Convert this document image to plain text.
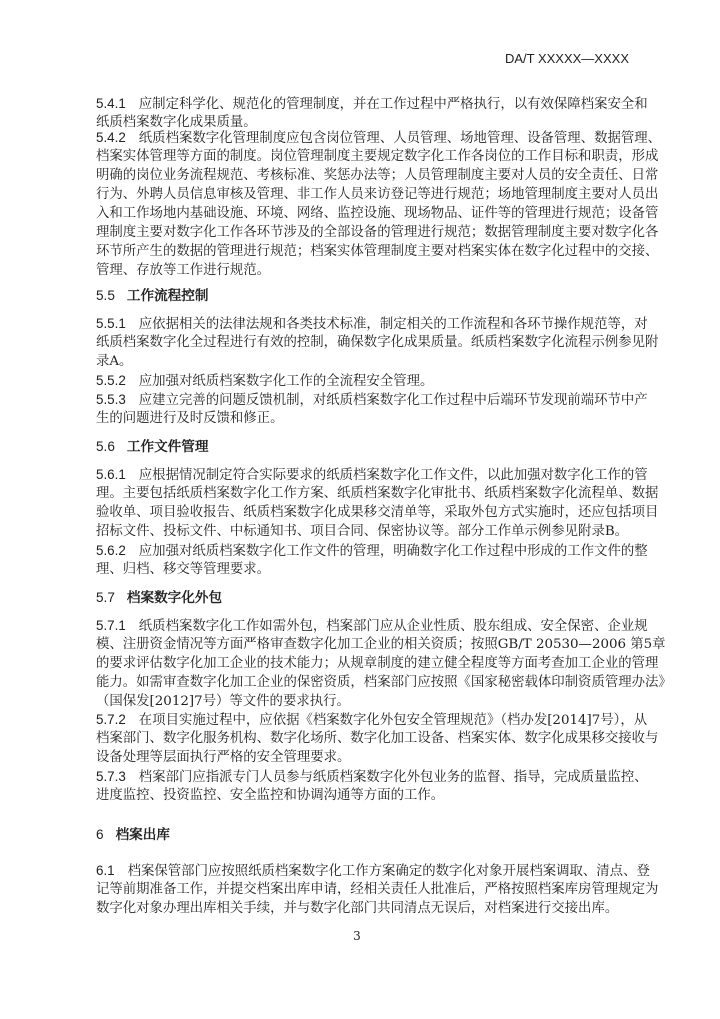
DA/T XXXXX—XXXX
5.4.1 应制定科学化、规范化的管理制度，并在工作过程中严格执行，以有效保障档案安全和
纸质档案数字化成果质量。
5.4.2 纸质档案数字化管理制度应包含岗位管理、人员管理、场地管理、设备管理、数据管理、
档案实体管理等方面的制度。岗位管理制度主要规定数字化工作各岗位的工作目标和职责，形成
明确的岗位业务流程规范、考核标准、奖惩办法等；人员管理制度主要对人员的安全责任、日常
行为、外聘人员信息审核及管理、非工作人员来访登记等进行规范；场地管理制度主要对人员出
入和工作场地内基础设施、环境、网络、监控设施、现场物品、证件等的管理进行规范；设备管
理制度主要对数字化工作各环节涉及的全部设备的管理进行规范；数据管理制度主要对数字化各
环节所产生的数据的管理进行规范；档案实体管理制度主要对档案实体在数字化过程中的交接、
管理、存放等工作进行规范。
5.5 工作流程控制
5.5.1 应依据相关的法律法规和各类技术标准，制定相关的工作流程和各环节操作规范等，对
纸质档案数字化全过程进行有效的控制，确保数字化成果质量。纸质档案数字化流程示例参见附
录A。
5.5.2 应加强对纸质档案数字化工作的全流程安全管理。
5.5.3 应建立完善的问题反馈机制，对纸质档案数字化工作过程中后端环节发现前端环节中产
生的问题进行及时反馈和修正。
5.6 工作文件管理
5.6.1 应根据情况制定符合实际要求的纸质档案数字化工作文件，以此加强对数字化工作的管
理。主要包括纸质档案数字化工作方案、纸质档案数字化审批书、纸质档案数字化流程单、数据
验收单、项目验收报告、纸质档案数字化成果移交清单等，采取外包方式实施时，还应包括项目
招标文件、投标文件、中标通知书、项目合同、保密协议等。部分工作单示例参见附录B。
5.6.2 应加强对纸质档案数字化工作文件的管理，明确数字化工作过程中形成的工作文件的整
理、归档、移交等管理要求。
5.7 档案数字化外包
5.7.1 纸质档案数字化工作如需外包，档案部门应从企业性质、股东组成、安全保密、企业规
模、注册资金情况等方面严格审查数字化加工企业的相关资质；按照GB/T 20530—2006 第5章
的要求评估数字化加工企业的技术能力；从规章制度的建立健全程度等方面考查加工企业的管理
能力。如需审查数字化加工企业的保密资质，档案部门应按照《国家秘密载体印制资质管理办法》
（国保发[2012]7号）等文件的要求执行。
5.7.2 在项目实施过程中，应依据《档案数字化外包安全管理规范》（档办发[2014]7号），从
档案部门、数字化服务机构、数字化场所、数字化加工设备、档案实体、数字化成果移交接收与
设备处理等层面执行严格的安全管理要求。
5.7.3 档案部门应指派专门人员参与纸质档案数字化外包业务的监督、指导，完成质量监控、
进度监控、投资监控、安全监控和协调沟通等方面的工作。
6 档案出库
6.1 档案保管部门应按照纸质档案数字化工作方案确定的数字化对象开展档案调取、清点、登
记等前期准备工作，并提交档案出库申请，经相关责任人批准后，严格按照档案库房管理规定为
数字化对象办理出库相关手续，并与数字化部门共同清点无误后，对档案进行交接出库。
3
